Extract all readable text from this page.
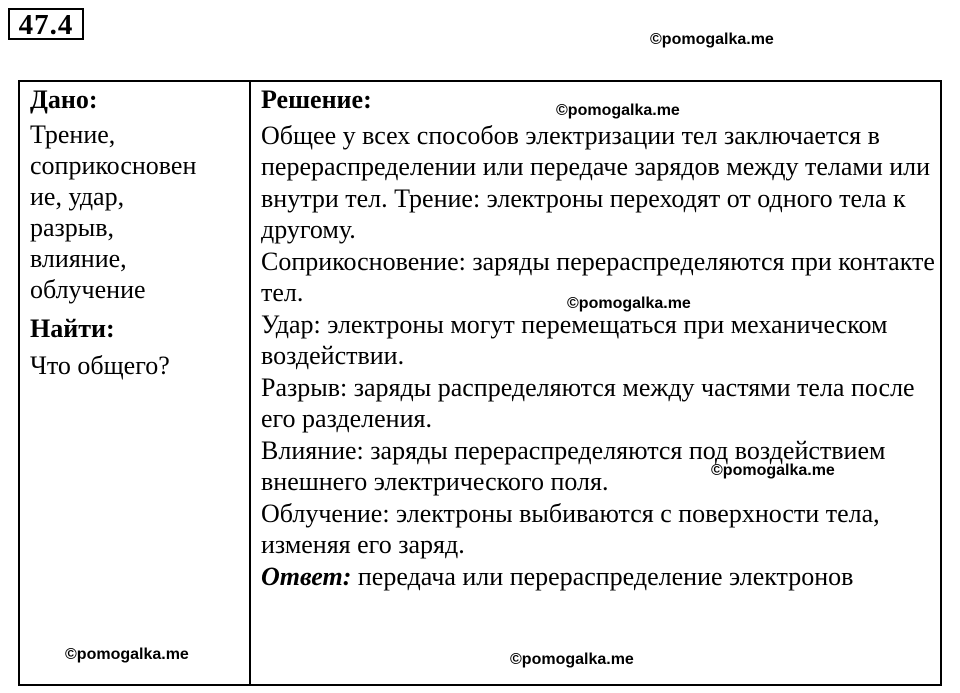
47.4	©pomogalka.me
©pomogalka.me
©pomogalka.me
©pomogalka.me
©pomogalka.me	©pomogalka.me
Дано:
Трение,
соприкосновен
ие, удар,
разрыв,
влияние,
облучение
Найти:
Что общего?
Решение:

Общее у всех способов электризации тел заключается в перераспределении или передаче зарядов между телами или внутри тел. Трение: электроны переходят от одного тела к другому.

Соприкосновение: заряды перераспределяются при контакте тел.

Удар: электроны могут перемещаться при механическом воздействии.

Разрыв: заряды распределяются между частями тела после его разделения.

Влияние: заряды перераспределяются под воздействием внешнего электрического поля.

Облучение: электроны выбиваются с поверхности тела, изменяя его заряд.

Ответ: передача или перераспределение электронов
